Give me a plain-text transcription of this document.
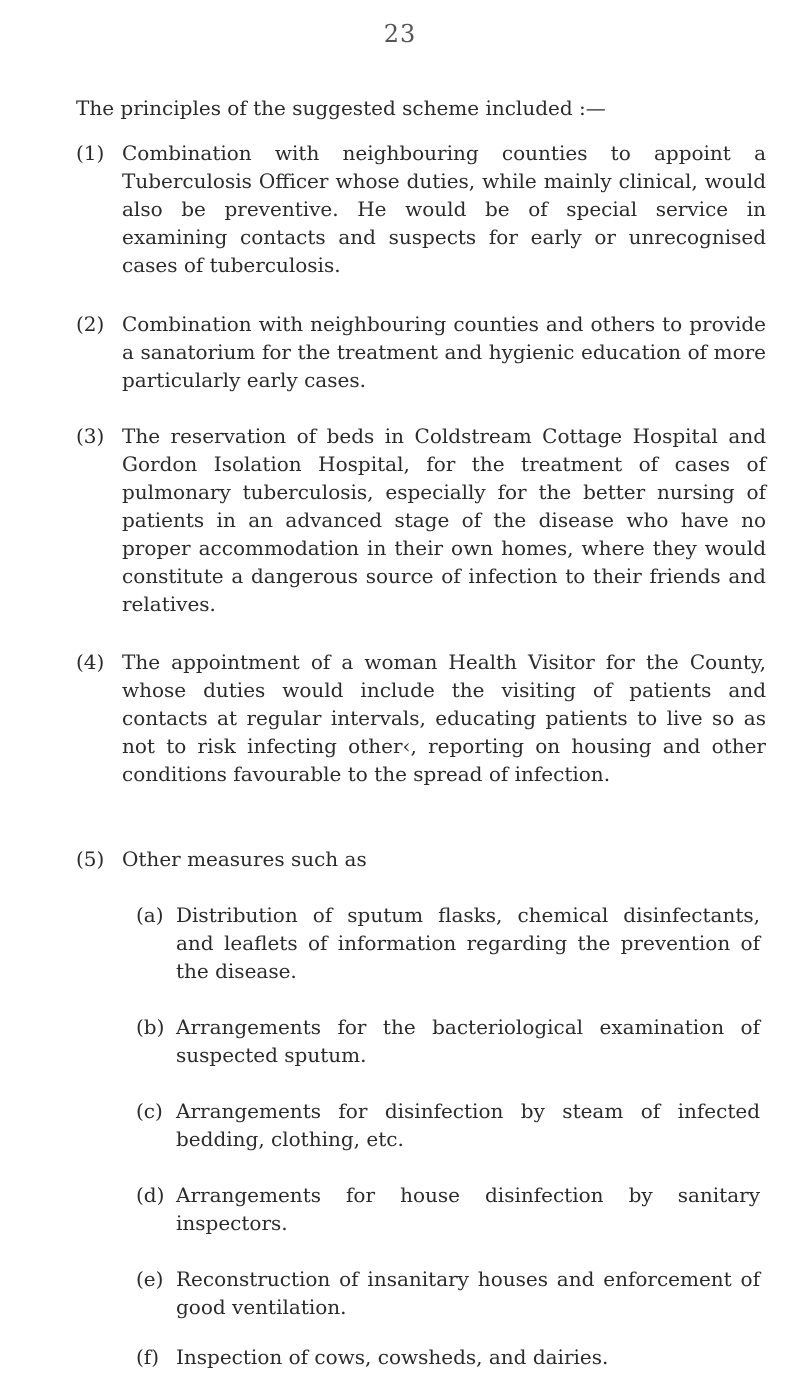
23

The principles of the suggested scheme included :—

(1) Combination with neighbouring counties to appoint a Tuberculosis Officer whose duties, while mainly clinical, would also be preventive. He would be of special service in examining contacts and suspects for early or unrecognised cases of tuberculosis.

(2) Combination with neighbouring counties and others to provide a sanatorium for the treatment and hygienic education of more particularly early cases.

(3) The reservation of beds in Coldstream Cottage Hospital and Gordon Isolation Hospital, for the treatment of cases of pulmonary tuberculosis, especially for the better nursing of patients in an advanced stage of the disease who have no proper accommodation in their own homes, where they would constitute a dangerous source of infection to their friends and relatives.

(4) The appointment of a woman Health Visitor for the County, whose duties would include the visiting of patients and contacts at regular intervals, educating patients to live so as not to risk infecting other‹, reporting on housing and other conditions favourable to the spread of infection.

(5) Other measures such as

(a) Distribution of sputum flasks, chemical disinfectants, and leaflets of information regarding the prevention of the disease.

(b) Arrangements for the bacteriological examination of suspected sputum.

(c) Arrangements for disinfection by steam of infected bedding, clothing, etc.

(d) Arrangements for house disinfection by sanitary inspectors.

(e) Reconstruction of insanitary houses and enforcement of good ventilation.

(f) Inspection of cows, cowsheds, and dairies.
